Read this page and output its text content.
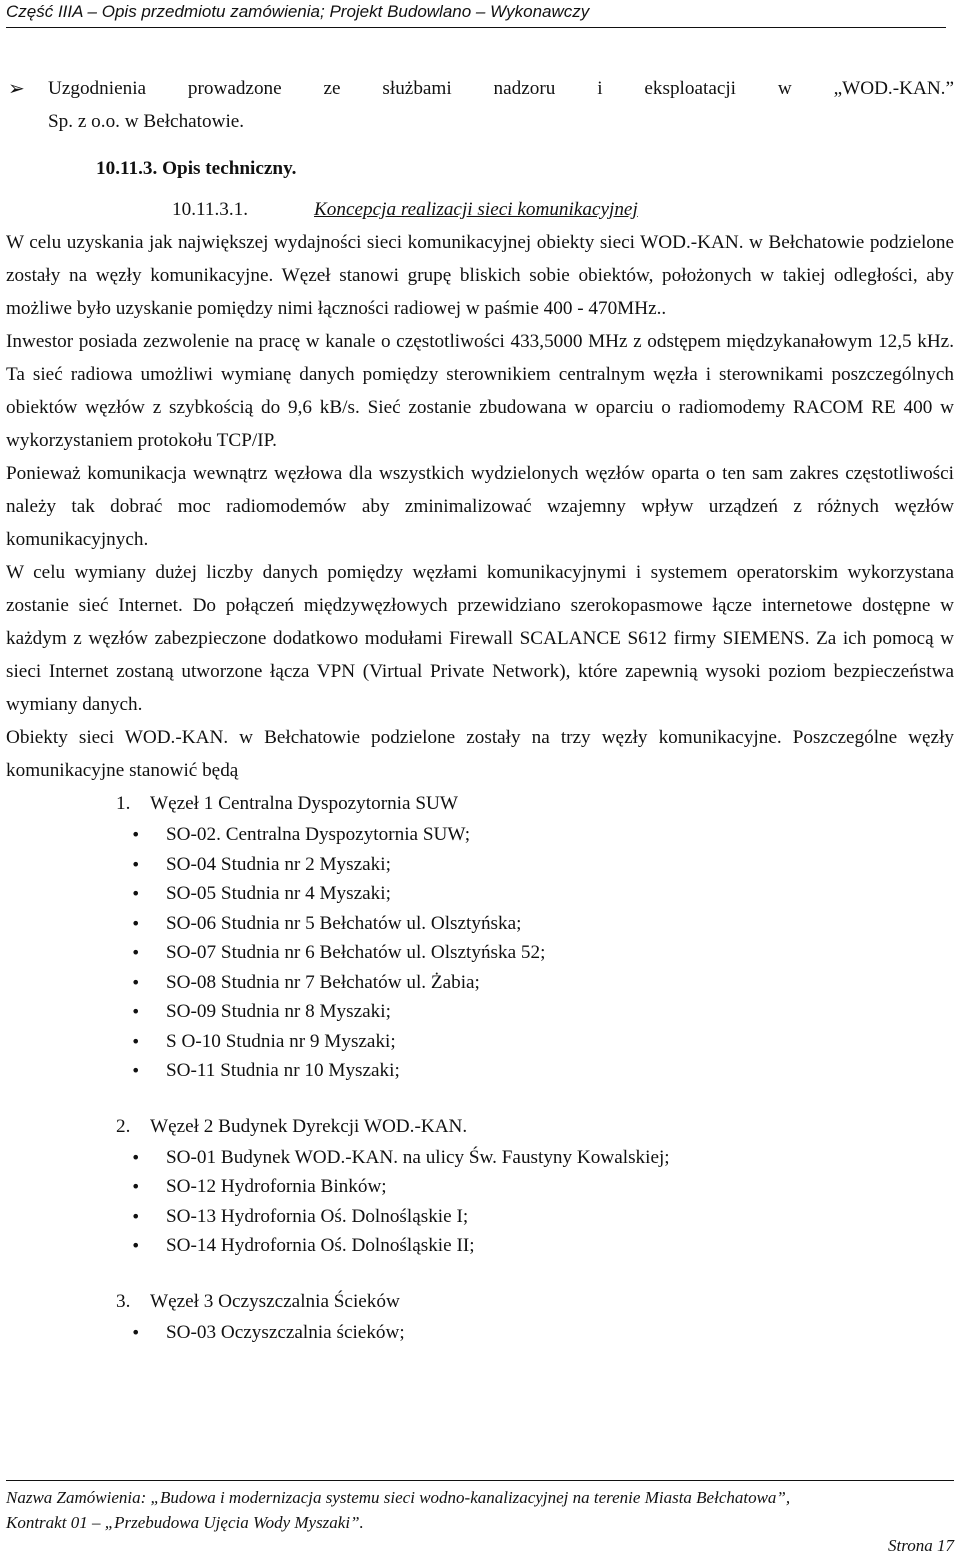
Część IIIA – Opis przedmiotu zamówienia; Projekt Budowlano – Wykonawczy
➢ Uzgodnienia prowadzone ze służbami nadzoru i eksploatacji w „WOD.-KAN.”
Sp. z o.o. w Bełchatowie.
10.11.3. Opis techniczny.
10.11.3.1.	Koncepcja realizacji sieci komunikacyjnej
W celu uzyskania jak największej wydajności sieci komunikacyjnej obiekty sieci WOD.-KAN. w Bełchatowie podzielone zostały na węzły komunikacyjne. Węzeł stanowi grupę bliskich sobie obiektów, położonych w takiej odległości, aby możliwe było uzyskanie pomiędzy nimi łączności radiowej w paśmie 400 - 470MHz..
Inwestor posiada zezwolenie na pracę w kanale o częstotliwości 433,5000 MHz z odstępem międzykanałowym 12,5 kHz. Ta sieć radiowa umożliwi wymianę danych pomiędzy sterownikiem centralnym węzła i sterownikami poszczególnych obiektów węzłów z szybkością do 9,6 kB/s. Sieć zostanie zbudowana w oparciu o radiomodemy RACOM RE 400 w wykorzystaniem protokołu TCP/IP.
Ponieważ komunikacja wewnątrz węzłowa dla wszystkich wydzielonych węzłów oparta o ten sam zakres częstotliwości należy tak dobrać moc radiomodemów aby zminimalizować wzajemny wpływ urządzeń z różnych węzłów komunikacyjnych.
W celu wymiany dużej liczby danych pomiędzy węzłami komunikacyjnymi i systemem operatorskim wykorzystana zostanie sieć Internet. Do połączeń międzywęzłowych przewidziano szerokopasmowe łącze internetowe dostępne w każdym z węzłów zabezpieczone dodatkowo modułami Firewall SCALANCE S612 firmy SIEMENS. Za ich pomocą w sieci Internet zostaną utworzone łącza VPN (Virtual Private Network), które zapewnią wysoki poziom bezpieczeństwa wymiany danych.
Obiekty sieci WOD.-KAN. w Bełchatowie podzielone zostały na trzy węzły komunikacyjne. Poszczególne węzły komunikacyjne stanowić będą
1. Węzeł 1 Centralna Dyspozytornia SUW
• SO-02. Centralna Dyspozytornia SUW;
• SO-04 Studnia nr 2 Myszaki;
• SO-05 Studnia nr 4 Myszaki;
• SO-06 Studnia nr 5 Bełchatów ul. Olsztyńska;
• SO-07 Studnia nr 6 Bełchatów ul. Olsztyńska 52;
• SO-08 Studnia nr 7 Bełchatów ul. Żabia;
• SO-09 Studnia nr 8 Myszaki;
• S O-10 Studnia nr 9 Myszaki;
• SO-11 Studnia nr 10 Myszaki;
2. Węzeł 2 Budynek Dyrekcji WOD.-KAN.
• SO-01 Budynek WOD.-KAN. na ulicy Św. Faustyny Kowalskiej;
• SO-12 Hydrofornia Binków;
• SO-13 Hydrofornia Oś. Dolnośląskie I;
• SO-14 Hydrofornia Oś. Dolnośląskie II;
3. Węzeł 3 Oczyszczalnia Ścieków
• SO-03 Oczyszczalnia ścieków;
Nazwa Zamówienia: „Budowa i modernizacja systemu sieci wodno-kanalizacyjnej na terenie Miasta Bełchatowa”,
Kontrakt 01 – „Przebudowa Ujęcia Wody Myszaki”.
Strona 17
